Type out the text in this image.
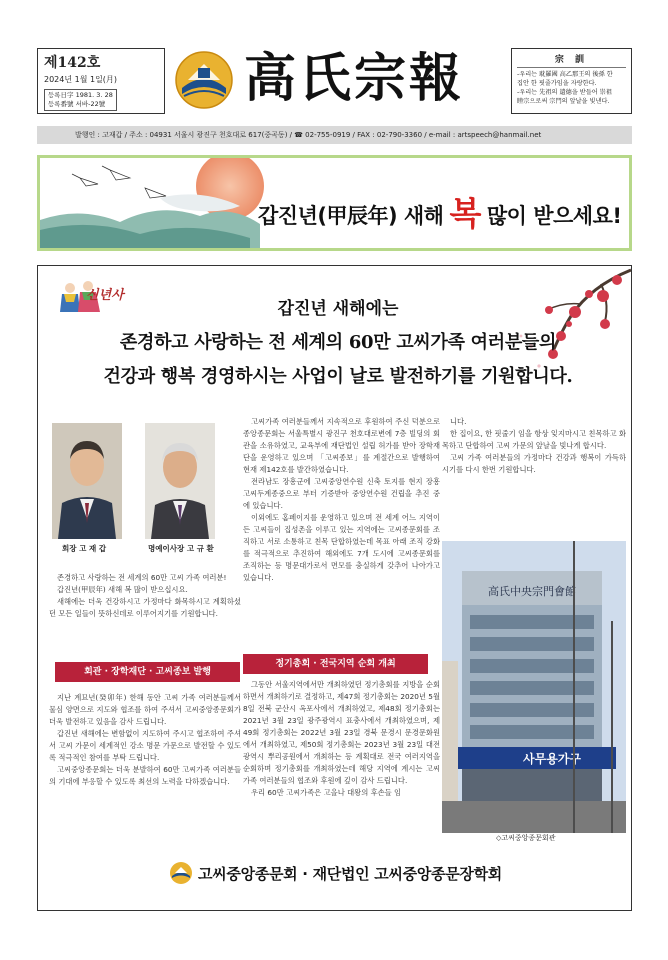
제142호
2024년 1월 1일(月)
등록日字 1981. 3. 28
등록番號 서바-22號	高氏宗報	宗 訓
-우리는 耽羅國 高乙那王의 後孫 한
집안 한 핏줄가임을 자랑한다.
-우리는 先祖의 遺德을 받들어 崇祖
睦宗으로써 宗門의 앞날을 빛낸다.
발행인 : 고재갑 / 주소 : 04931 서울시 광진구 천호대로 617(중곡동) / ☎ 02-755-0919 / FAX : 02-790-3360 / e-mail : artspeech@hanmail.net
갑진년(甲辰年) 새해 복 많이 받으세요!
신년사
갑진년 새해에는
존경하고 사랑하는 전 세계의 60만 고씨가족 여러분들의
건강과 행복 경영하시는 사업이 날로 발전하기를 기원합니다.
회장 고 재 갑	명예이사장 고 규 환

존경하고 사랑하는 전 세계의 60만 고씨 가족 여러분!

갑진년(甲辰年) 새해 복 많이 받으십시요.

새해에는 더욱 건강하시고 가정마다 화목하시고 계획하셨던 모든 일들이 뜻하신데로 이루어지기를 기원합니다.

회관 · 장학재단 · 고씨종보 발행

지난 계묘년(癸卯年) 한해 동안 고씨 가족 여러분들께서 물심 양면으로 지도와 협조를 하여 주셔서 고씨중앙종문회가 더욱 발전하고 있음을 감사 드립니다.

갑진년 새해에는 변함없이 지도하여 주시고 협조하여 주셔서 고씨 가문이 세계적인 강소 명문 가문으로 발전할 수 있도록 적극적인 참여를 부탁 드립니다.

고씨중앙종문회는 더욱 분발하여 60만 고씨가족 여러분들의 기대에 부응할 수 있도록 최선의 노력을 다하겠습니다.

고씨가족 여러분들께서 지속적으로 후원하여 주신 덕분으로 종앙종문회는 서울특별시 광진구 천호대로변에 7층 빌딩의 회관을 소유하였고, 교육부에 재단법인 설립 허가를 받아 장학재단을 운영하고 있으며 「고씨종보」를 계절간으로 발행하여 현재 제142호를 발간하였습니다.

전라남도 장흥군에 고씨중앙연수원 신축 토지를 현지 장흥고씨두계종중으로 부터 기증받아 중앙연수원 건립을 추진 중에 있습니다.

이외에도 홈페이지를 운영하고 있으며 전 세계 어느 지역이든 고씨들이 집성촌을 이루고 있는 지역에는 고씨종문회를 조직하고 서로 소통하고 친목 단합하였는데 목표 아래 조직 강화를 적극적으로 추진하여 해외에도 7개 도시에 고씨종문회를 조직하는 등 명문대가로서 면모를 충실하게 갖추어 나아가고 있습니다.

정기총회 · 전국지역 순회 개최

그동안 서울지역에서만 개최하였던 정기총회를 지방을 순회하면서 개최하기로 결정하고, 제47회 정기총회는 2020년 5월 8일 전북 군산시 옥포사에서 개최하였고, 제48회 정기총회는 2021년 3월 23일 광주광역시 표충사에서 개최하였으며, 제49회 정기총회는 2022년 3월 23일 경북 문경시 문경문화원에서 개최하였고, 제50회 정기총회는 2023년 3월 23일 대전광역시 뿌리공원에서 개최하는 등 계획대로 전국 여러지역을 순회하며 정기총회를 개최하였는데 해당 지역에 계시는 고씨가족 여러분들의 협조와 후원에 깊이 감사 드립니다.

우리 60만 고씨가족은 고을나 대왕의 후손들 임

니다.

한 집이요, 한 핏줄기 임을 항상 잊지마시고 친목하고 화목하고 단합하여 고씨 가문의 앞날을 빛나게 합시다.

고씨 가족 여러분들의 가정마다 건강과 행복이 가득하시기를 다시 한번 기원합니다.

高氏中央宗門會館
사무용가구
◇고씨중앙종문회관
고씨중앙종문회 · 재단법인 고씨중앙종문장학회
